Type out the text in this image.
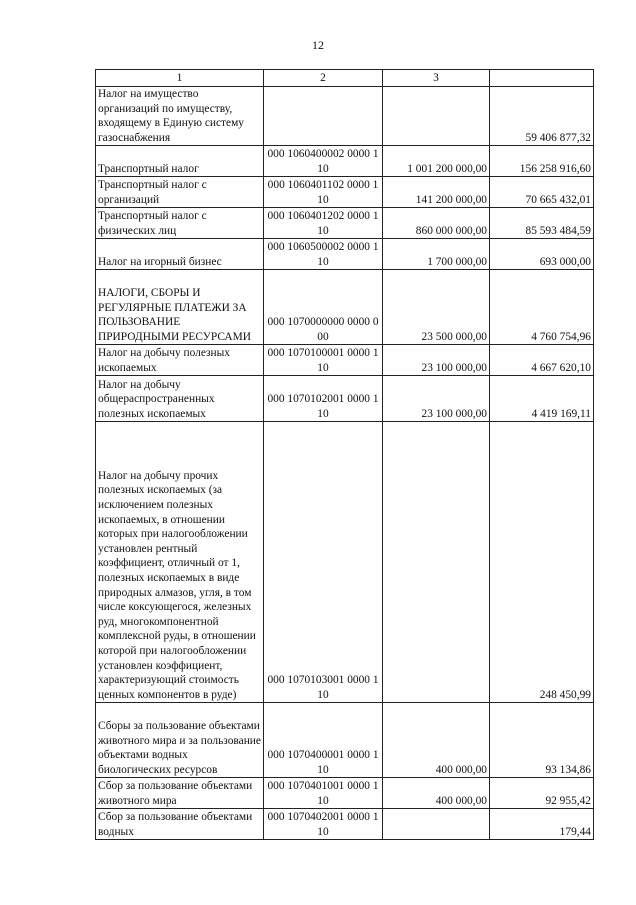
12
1	2	3	
Налог на имущество организаций по имуществу, входящему в Единую систему газоснабжения			59 406 877,32
Транспортный налог	000 1060400002 0000 110	1 001 200 000,00	156 258 916,60
Транспортный налог с организаций	000 1060401102 0000 110	141 200 000,00	70 665 432,01
Транспортный налог с физических лиц	000 1060401202 0000 110	860 000 000,00	85 593 484,59
Налог на игорный бизнес	000 1060500002 0000 110	1 700 000,00	693 000,00
НАЛОГИ, СБОРЫ И РЕГУЛЯРНЫЕ ПЛАТЕЖИ ЗА ПОЛЬЗОВАНИЕ ПРИРОДНЫМИ РЕСУРСАМИ	000 1070000000 0000 000	23 500 000,00	4 760 754,96
Налог на добычу полезных ископаемых	000 1070100001 0000 110	23 100 000,00	4 667 620,10
Налог на добычу общераспространенных полезных ископаемых	000 1070102001 0000 110	23 100 000,00	4 419 169,11
Налог на добычу прочих полезных ископаемых (за исключением полезных ископаемых, в отношении которых при налогообложении установлен рентный коэффициент, отличный от 1, полезных ископаемых в виде природных алмазов, угля, в том числе коксующегося, железных руд, многокомпонентной комплексной руды, в отношении которой при налогообложении установлен коэффициент, характеризующий стоимость ценных компонентов в руде)	000 1070103001 0000 110		248 450,99
Сборы за пользование объектами животного мира и за пользование объектами водных биологических ресурсов	000 1070400001 0000 110	400 000,00	93 134,86
Сбор за пользование объектами животного мира	000 1070401001 0000 110	400 000,00	92 955,42
Сбор за пользование объектами водных	000 1070402001 0000 110		179,44
